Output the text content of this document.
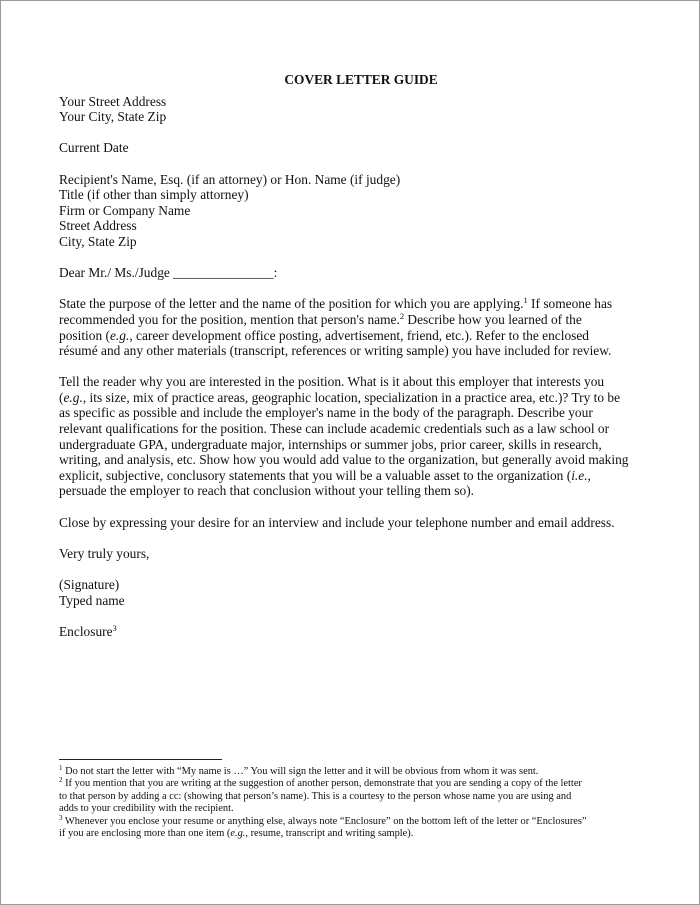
COVER LETTER GUIDE
Your Street Address
Your City, State Zip
Current Date
Recipient's Name, Esq. (if an attorney) or Hon. Name (if judge)
Title (if other than simply attorney)
Firm or Company Name
Street Address
City, State Zip
Dear Mr./ Ms./Judge _______________:
State the purpose of the letter and the name of the position for which you are applying.$^1$ If someone has
recommended you for the position, mention that person's name.$^2$ Describe how you learned of the
position (e.g., career development office posting, advertisement, friend, etc.). Refer to the enclosed
résumé and any other materials (transcript, references or writing sample) you have included for review.
Tell the reader why you are interested in the position. What is it about this employer that interests you
(e.g., its size, mix of practice areas, geographic location, specialization in a practice area, etc.)? Try to be
as specific as possible and include the employer's name in the body of the paragraph. Describe your
relevant qualifications for the position. These can include academic credentials such as a law school or
undergraduate GPA, undergraduate major, internships or summer jobs, prior career, skills in research,
writing, and analysis, etc. Show how you would add value to the organization, but generally avoid making
explicit, subjective, conclusory statements that you will be a valuable asset to the organization (i.e.,
persuade the employer to reach that conclusion without your telling them so).
Close by expressing your desire for an interview and include your telephone number and email address.
Very truly yours,
(Signature)
Typed name
Enclosure$^3$
$^1$ Do not start the letter with “My name is …” You will sign the letter and it will be obvious from whom it was sent.
$^2$ If you mention that you are writing at the suggestion of another person, demonstrate that you are sending a copy of the letter
to that person by adding a cc: (showing that person’s name). This is a courtesy to the person whose name you are using and
adds to your credibility with the recipient.
$^3$ Whenever you enclose your resume or anything else, always note “Enclosure” on the bottom left of the letter or “Enclosures”
if you are enclosing more than one item (e.g., resume, transcript and writing sample).
